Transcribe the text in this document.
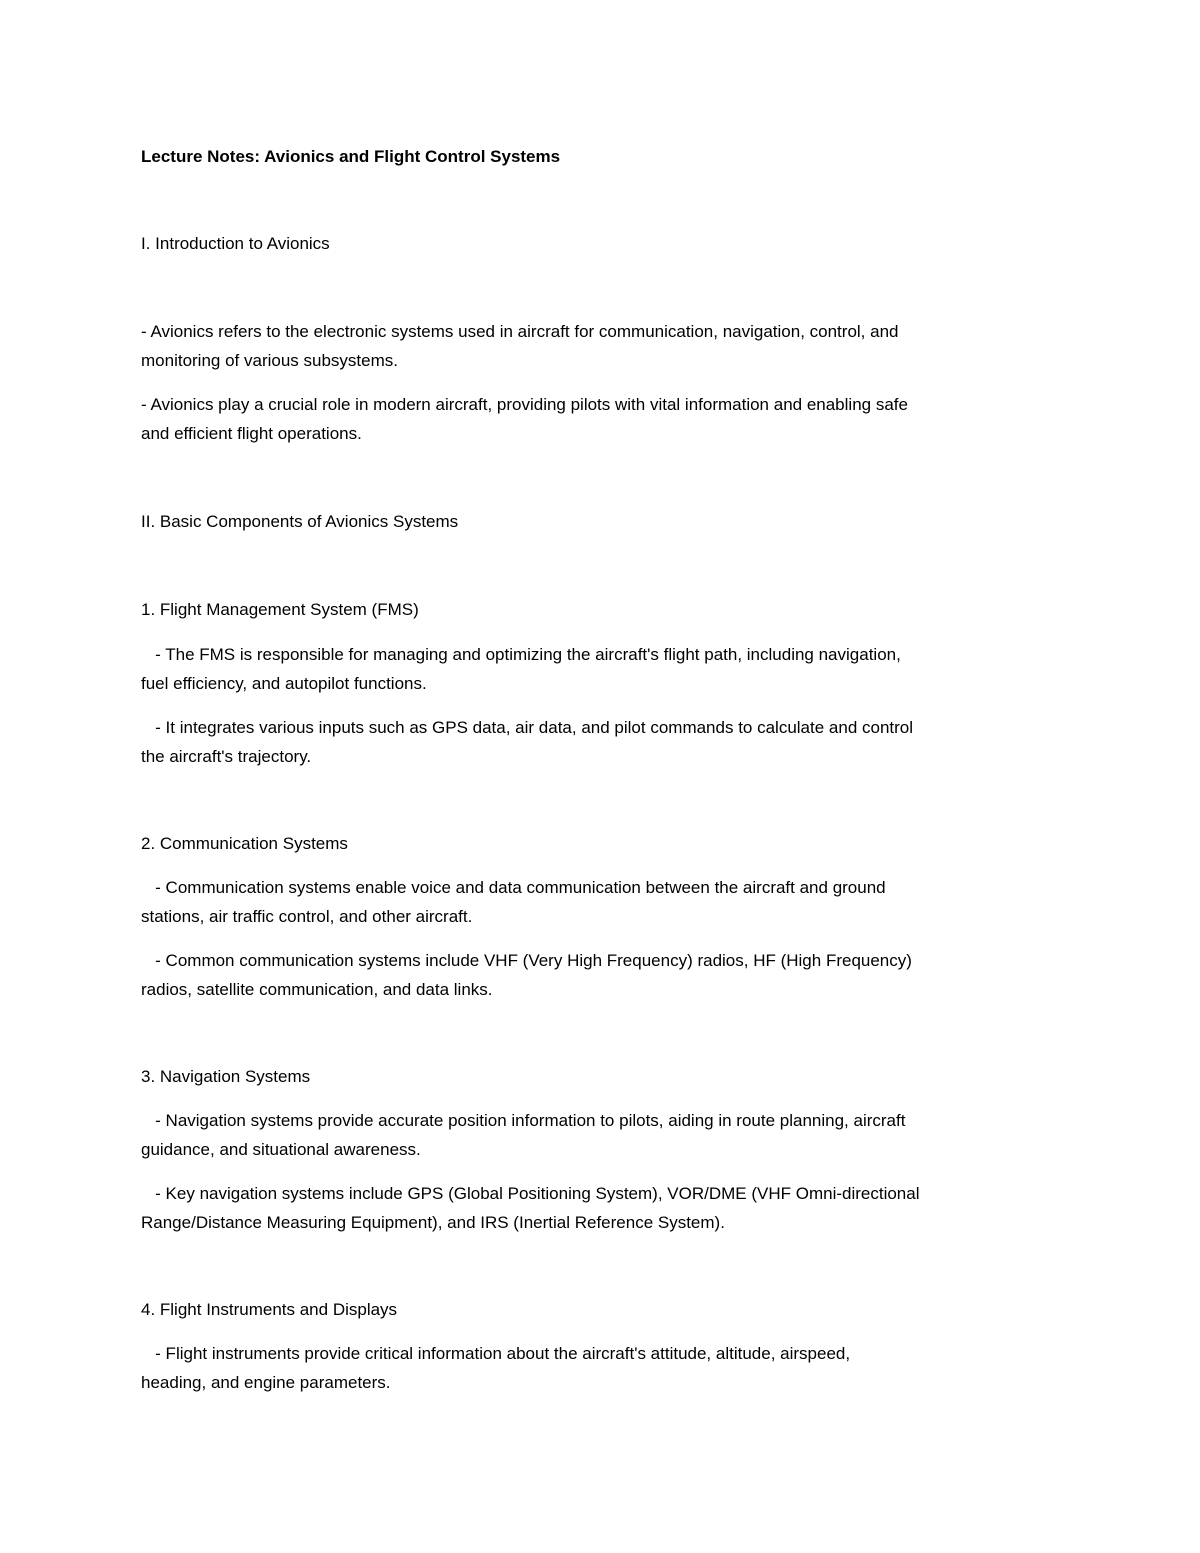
Lecture Notes: Avionics and Flight Control Systems
I. Introduction to Avionics
- Avionics refers to the electronic systems used in aircraft for communication, navigation, control, and
monitoring of various subsystems.
- Avionics play a crucial role in modern aircraft, providing pilots with vital information and enabling safe
and efficient flight operations.
II. Basic Components of Avionics Systems
1. Flight Management System (FMS)
- The FMS is responsible for managing and optimizing the aircraft's flight path, including navigation,
fuel efficiency, and autopilot functions.
- It integrates various inputs such as GPS data, air data, and pilot commands to calculate and control
the aircraft's trajectory.
2. Communication Systems
- Communication systems enable voice and data communication between the aircraft and ground
stations, air traffic control, and other aircraft.
- Common communication systems include VHF (Very High Frequency) radios, HF (High Frequency)
radios, satellite communication, and data links.
3. Navigation Systems
- Navigation systems provide accurate position information to pilots, aiding in route planning, aircraft
guidance, and situational awareness.
- Key navigation systems include GPS (Global Positioning System), VOR/DME (VHF Omni-directional
Range/Distance Measuring Equipment), and IRS (Inertial Reference System).
4. Flight Instruments and Displays
- Flight instruments provide critical information about the aircraft's attitude, altitude, airspeed,
heading, and engine parameters.
